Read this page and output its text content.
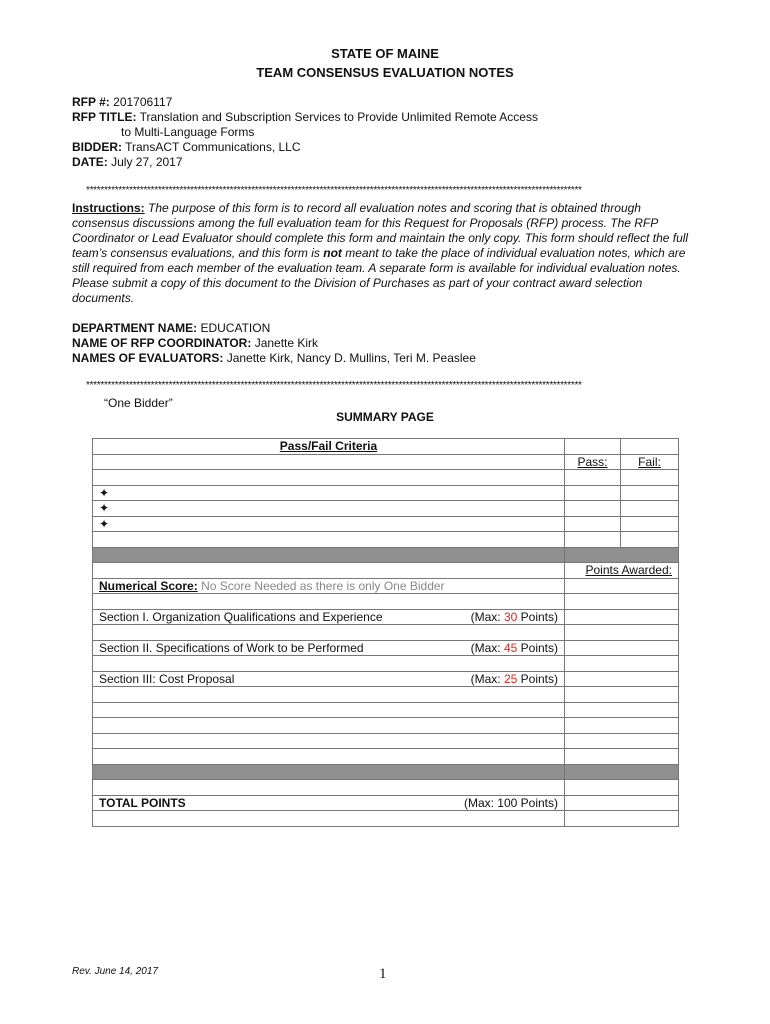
STATE OF MAINE
TEAM CONSENSUS EVALUATION NOTES
RFP #: 201706117
RFP TITLE: Translation and Subscription Services to Provide Unlimited Remote Access
to Multi-Language Forms
BIDDER: TransACT Communications, LLC
DATE: July 27, 2017
******************************************************************************************************************************************
Instructions: The purpose of this form is to record all evaluation notes and scoring that is obtained through consensus discussions among the full evaluation team for this Request for Proposals (RFP) process. The RFP Coordinator or Lead Evaluator should complete this form and maintain the only copy. This form should reflect the full team’s consensus evaluations, and this form is not meant to take the place of individual evaluation notes, which are still required from each member of the evaluation team. A separate form is available for individual evaluation notes. Please submit a copy of this document to the Division of Purchases as part of your contract award selection documents.
DEPARTMENT NAME: EDUCATION
NAME OF RFP COORDINATOR: Janette Kirk
NAMES OF EVALUATORS: Janette Kirk, Nancy D. Mullins, Teri M. Peaslee
******************************************************************************************************************************************
“One Bidder”
SUMMARY PAGE
Pass/Fail Criteria		
	Pass:	Fail:

✦		
✦		
✦		

	Points Awarded:	
Numerical Score: No Score Needed as there is only One Bidder		

Section I. Organization Qualifications and Experience (Max: 30 Points)		

Section II. Specifications of Work to be Performed (Max: 45 Points)		

Section III: Cost Proposal (Max: 25 Points)		

TOTAL POINTS (Max: 100 Points)		

Rev. June 14, 2017	1
